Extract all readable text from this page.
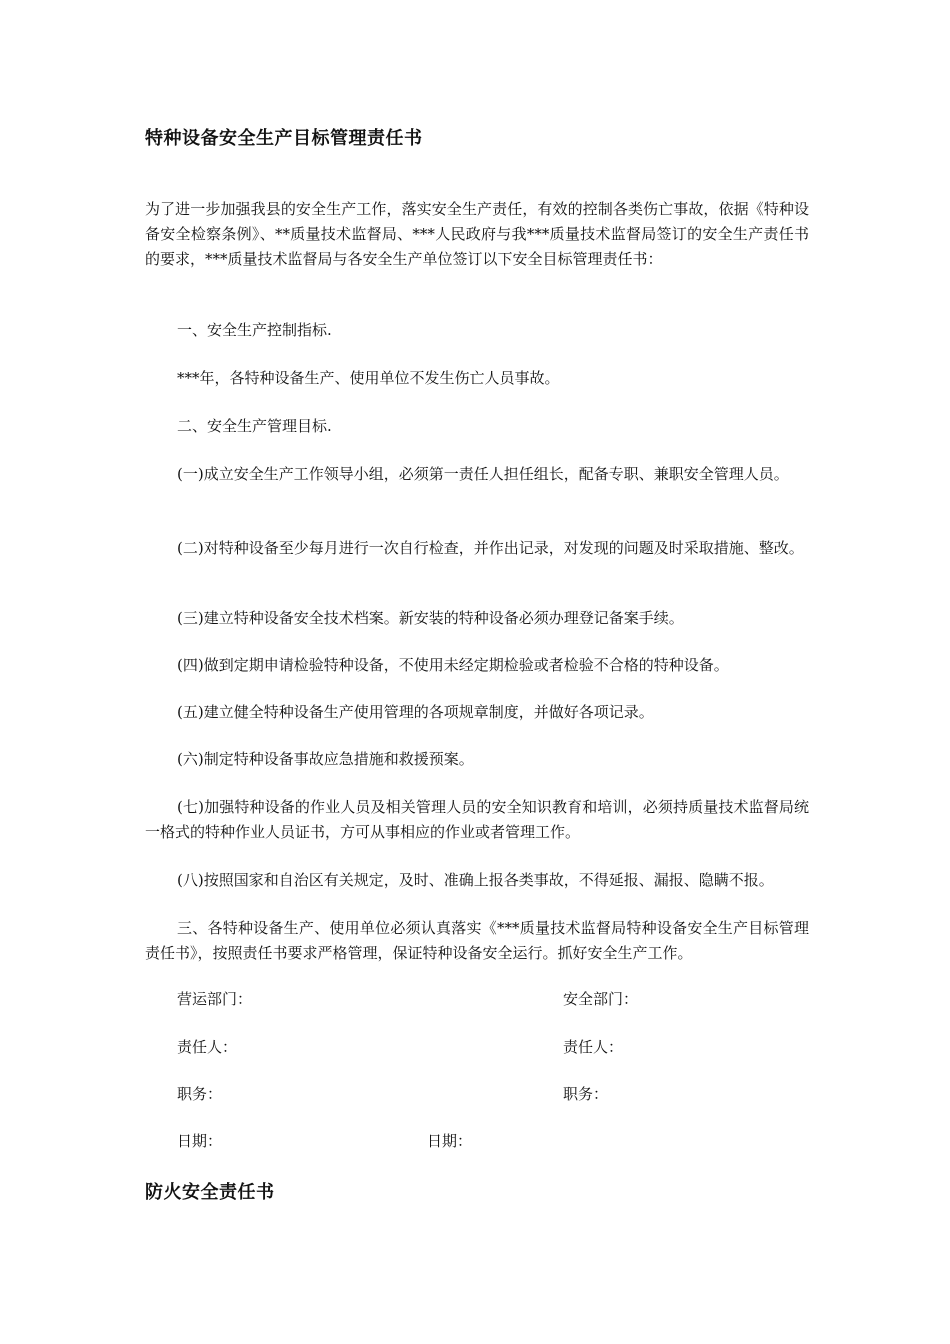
特种设备安全生产目标管理责任书
为了进一步加强我县的安全生产工作，落实安全生产责任，有效的控制各类伤亡事故，依据《特种设备安全检察条例》、**质量技术监督局、***人民政府与我***质量技术监督局签订的安全生产责任书的要求，***质量技术监督局与各安全生产单位签订以下安全目标管理责任书：
一、安全生产控制指标.
***年，各特种设备生产、使用单位不发生伤亡人员事故。
二、安全生产管理目标.
(一)成立安全生产工作领导小组，必须第一责任人担任组长，配备专职、兼职安全管理人员。
(二)对特种设备至少每月进行一次自行检查，并作出记录，对发现的问题及时采取措施、整改。
(三)建立特种设备安全技术档案。新安装的特种设备必须办理登记备案手续。
(四)做到定期申请检验特种设备，不使用未经定期检验或者检验不合格的特种设备。
(五)建立健全特种设备生产使用管理的各项规章制度，并做好各项记录。
(六)制定特种设备事故应急措施和救援预案。
(七)加强特种设备的作业人员及相关管理人员的安全知识教育和培训，必须持质量技术监督局统一格式的特种作业人员证书，方可从事相应的作业或者管理工作。
(八)按照国家和自治区有关规定，及时、准确上报各类事故，不得延报、漏报、隐瞒不报。
三、各特种设备生产、使用单位必须认真落实《***质量技术监督局特种设备安全生产目标管理责任书》，按照责任书要求严格管理，保证特种设备安全运行。抓好安全生产工作。
营运部门：	安全部门：
责任人：	责任人：
职务：	职务：
日期：	日期：
防火安全责任书
